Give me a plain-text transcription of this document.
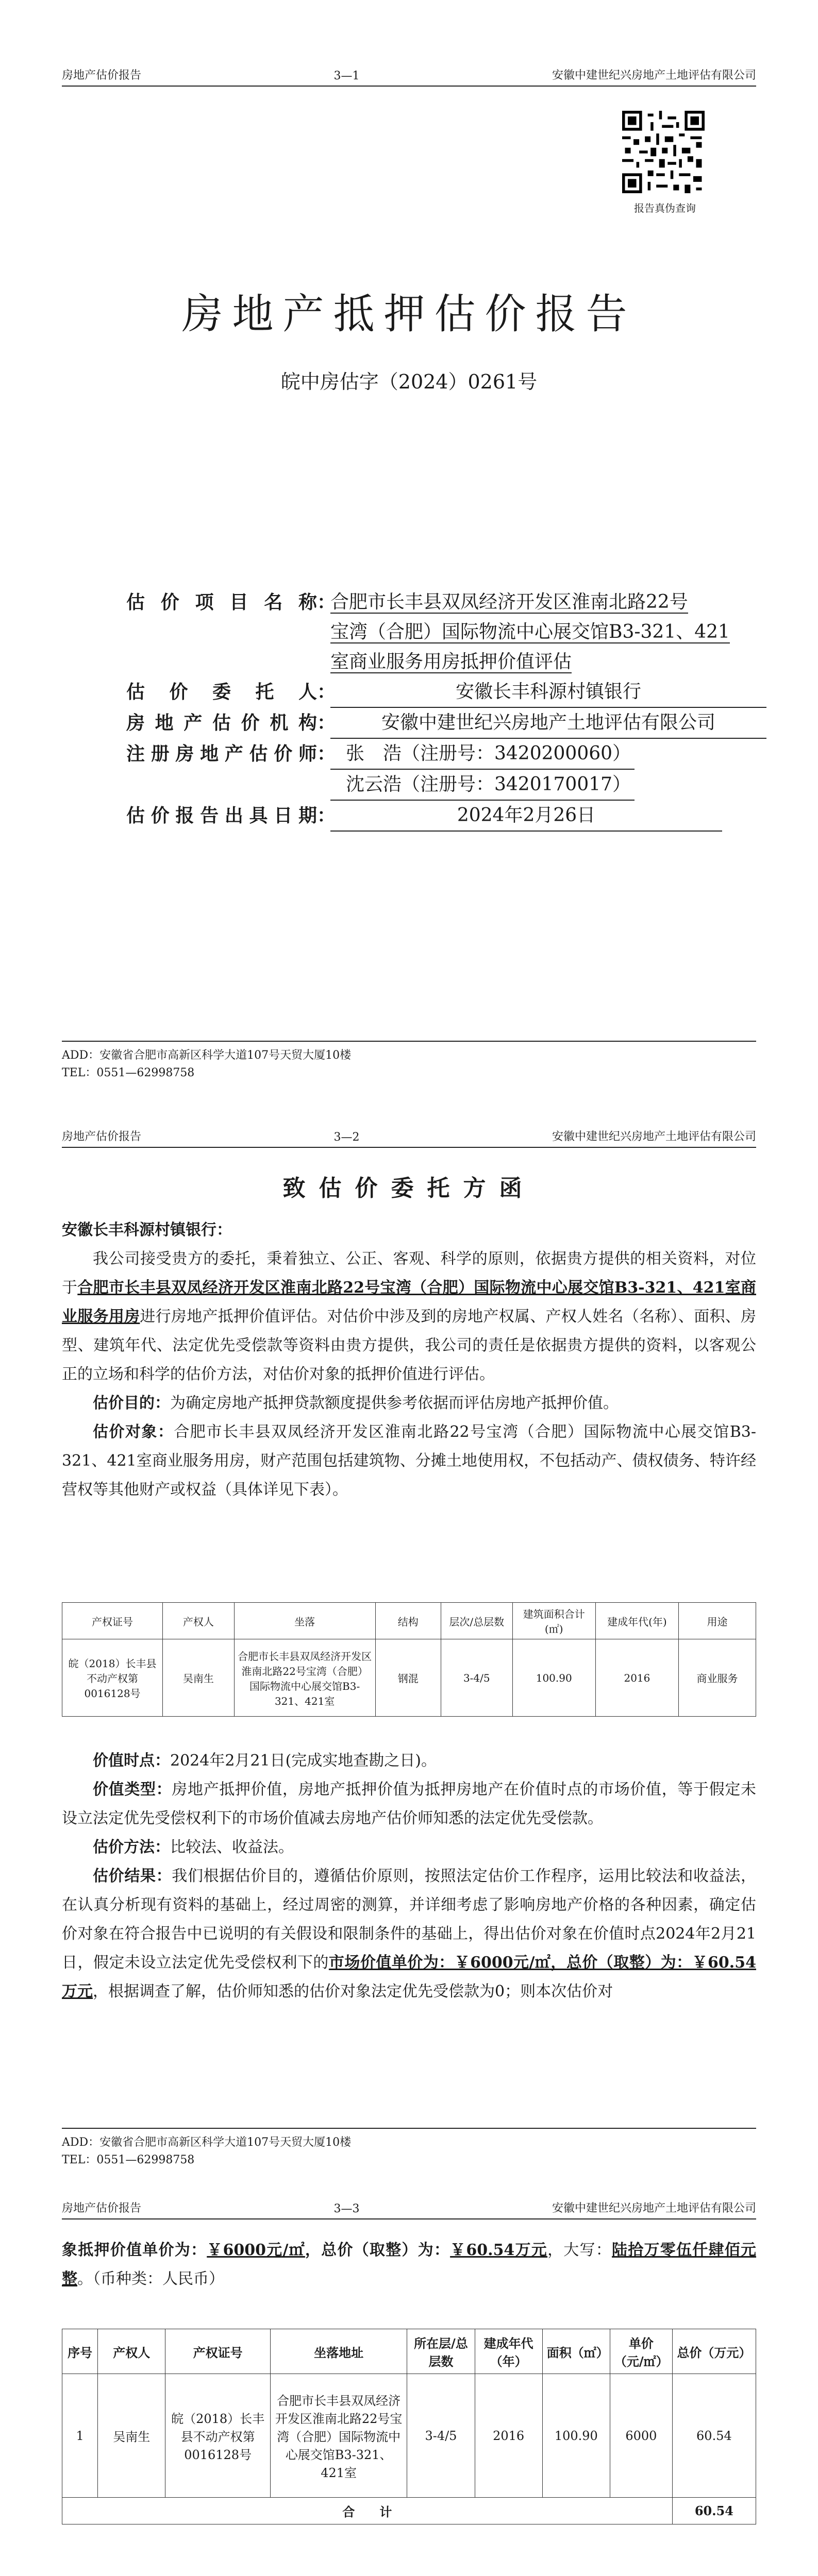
房地产估价报告	3—1	安徽中建世纪兴房地产土地评估有限公司
报告真伪查询
房地产抵押估价报告
皖中房估字（2024）0261号
估价项目名称 ：
合肥市长丰县双凤经济开发区淮南北路22号
宝湾（合肥）国际物流中心展交馆B3-321、421
室商业服务用房抵押价值评估
估价委托人 ：	安徽长丰科源村镇银行
房地产估价机构 ：	安徽中建世纪兴房地产土地评估有限公司
注册房地产估价师 ： 张　浩（注册号：3420200060）
沈云浩（注册号：3420170017）
估价报告出具日期 ：	2024年2月26日
ADD：安徽省合肥市高新区科学大道107号天贸大厦10楼
TEL：0551—62998758
房地产估价报告	3—2	安徽中建世纪兴房地产土地评估有限公司
致估价委托方函

安徽长丰科源村镇银行：

我公司接受贵方的委托，秉着独立、公正、客观、科学的原则，依据贵方提供的相关资料，对位于合肥市长丰县双凤经济开发区淮南北路22号宝湾（合肥）国际物流中心展交馆B3-321、421室商业服务用房进行房地产抵押价值评估。对估价中涉及到的房地产权属、产权人姓名（名称）、面积、房型、建筑年代、法定优先受偿款等资料由贵方提供，我公司的责任是依据贵方提供的资料，以客观公正的立场和科学的估价方法，对估价对象的抵押价值进行评估。

估价目的：为确定房地产抵押贷款额度提供参考依据而评估房地产抵押价值。

估价对象：合肥市长丰县双凤经济开发区淮南北路22号宝湾（合肥）国际物流中心展交馆B3-321、421室商业服务用房，财产范围包括建筑物、分摊土地使用权，不包括动产、债权债务、特许经营权等其他财产或权益（具体详见下表）。

产权证号	产权人	坐落	结构	层次/总层数	建筑面积合计(㎡)	建成年代(年)	用途
皖（2018）长丰县不动产权第0016128号	吴南生	合肥市长丰县双凤经济开发区淮南北路22号宝湾（合肥）国际物流中心展交馆B3-321、421室	钢混	3-4/5	100.90	2016	商业服务

价值时点：2024年2月21日(完成实地查勘之日)。

价值类型：房地产抵押价值，房地产抵押价值为抵押房地产在价值时点的市场价值，等于假定未设立法定优先受偿权利下的市场价值减去房地产估价师知悉的法定优先受偿款。

估价方法：比较法、收益法。

估价结果：我们根据估价目的，遵循估价原则，按照法定估价工作程序，运用比较法和收益法，在认真分析现有资料的基础上，经过周密的测算，并详细考虑了影响房地产价格的各种因素，确定估价对象在符合报告中已说明的有关假设和限制条件的基础上，得出估价对象在价值时点2024年2月21日，假定未设立法定优先受偿权利下的市场价值单价为：￥6000元/㎡，总价（取整）为：￥60.54万元，根据调查了解，估价师知悉的估价对象法定优先受偿款为0；则本次估价对

ADD：安徽省合肥市高新区科学大道107号天贸大厦10楼
TEL：0551—62998758
房地产估价报告	3—3	安徽中建世纪兴房地产土地评估有限公司

象抵押价值单价为：￥6000元/㎡，总价（取整）为：￥60.54万元，大写：陆拾万零伍仟肆佰元整。（币种类：人民币）

序号	产权人	产权证号	坐落地址	所在层/总层数	建成年代（年）	面积（㎡）	单价（元/㎡）	总价（万元）
1	吴南生	皖（2018）长丰县不动产权第0016128号	合肥市长丰县双凤经济开发区淮南北路22号宝湾（合肥）国际物流中心展交馆B3-321、421室	3-4/5	2016	100.90	6000	60.54
合　　计								60.54
